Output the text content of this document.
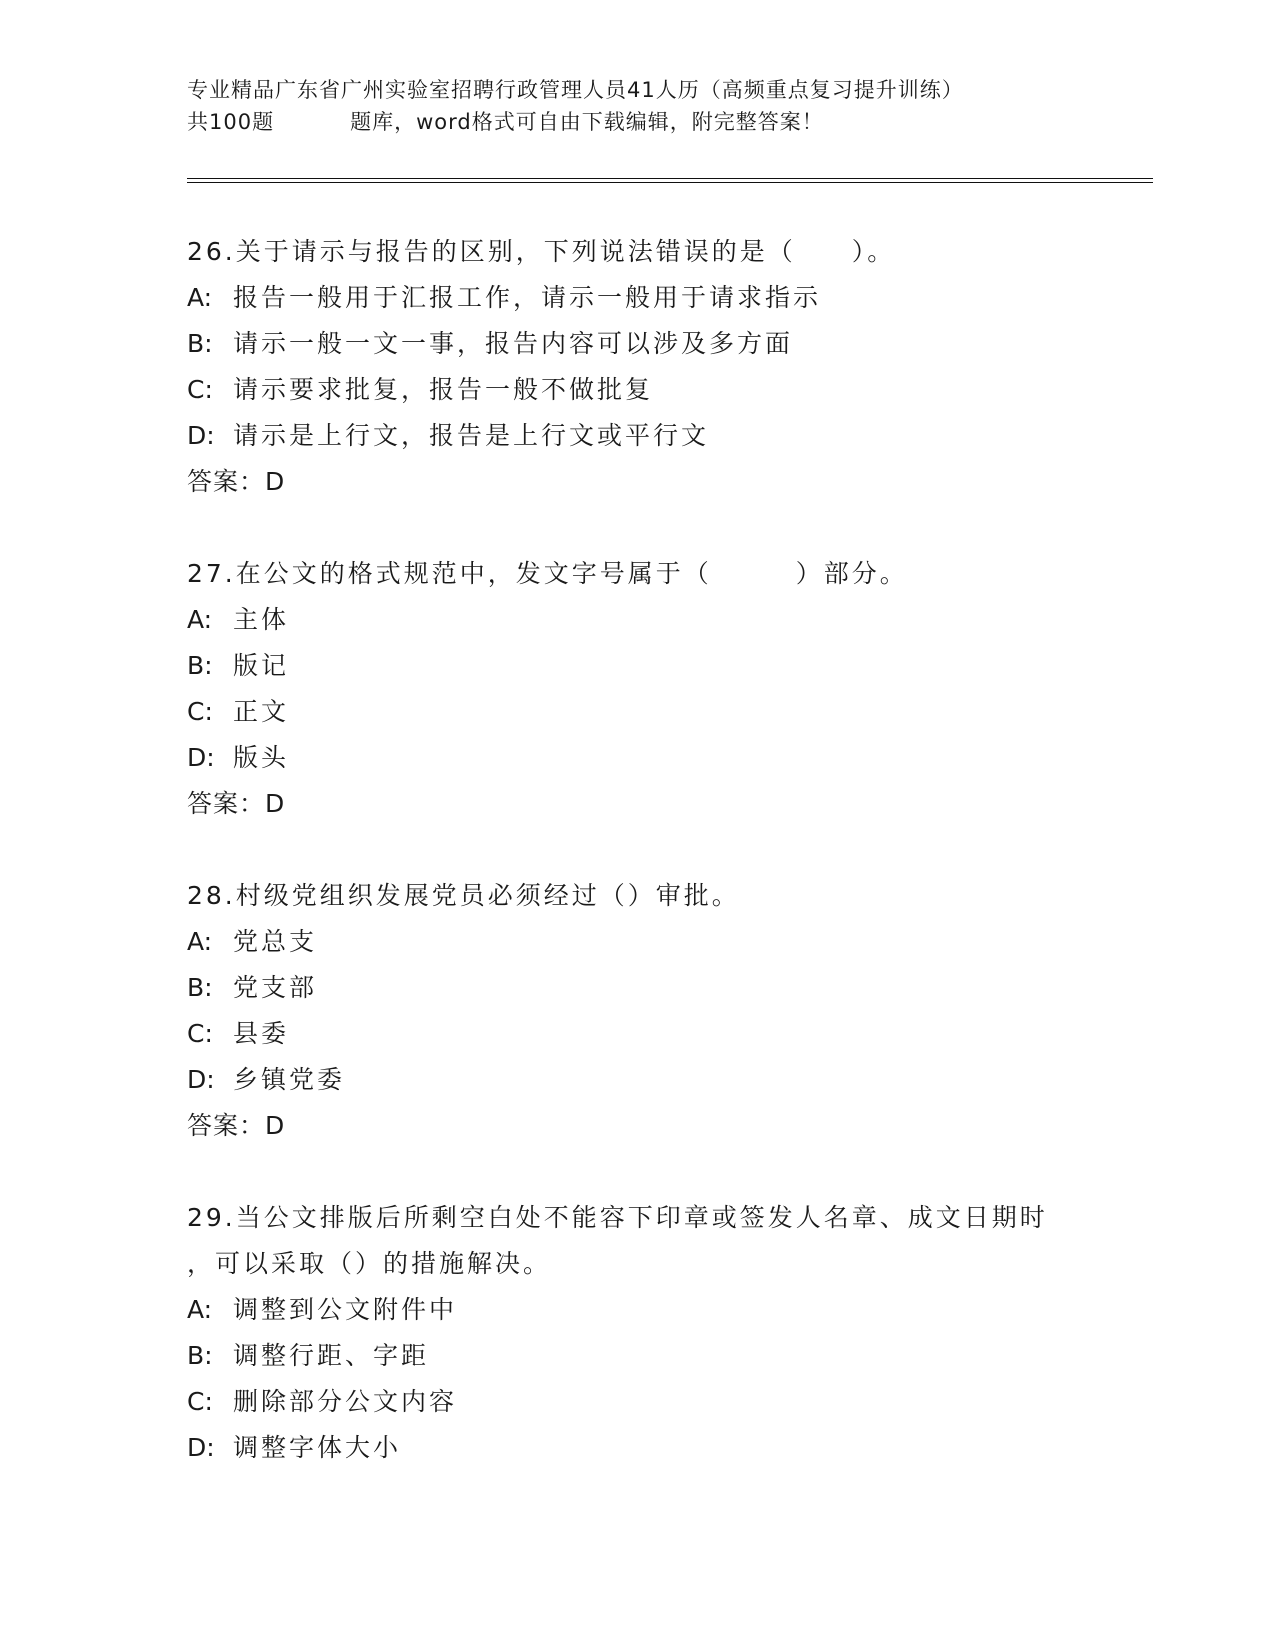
专业精品广东省广州实验室招聘行政管理人员41人历（高频重点复习提升训练）
共100题	题库，word格式可自由下载编辑，附完整答案！
26.关于请示与报告的区别，下列说法错误的是（　　）。
A: 报告一般用于汇报工作，请示一般用于请求指示
B: 请示一般一文一事，报告内容可以涉及多方面
C: 请示要求批复，报告一般不做批复
D: 请示是上行文，报告是上行文或平行文
答案：D
27.在公文的格式规范中，发文字号属于（　　　）部分。
A: 主体
B: 版记
C: 正文
D: 版头
答案：D
28.村级党组织发展党员必须经过（）审批。
A: 党总支
B: 党支部
C: 县委
D: 乡镇党委
答案：D
29.当公文排版后所剩空白处不能容下印章或签发人名章、成文日期时
，可以采取（）的措施解决。
A: 调整到公文附件中
B: 调整行距、字距
C: 删除部分公文内容
D: 调整字体大小
